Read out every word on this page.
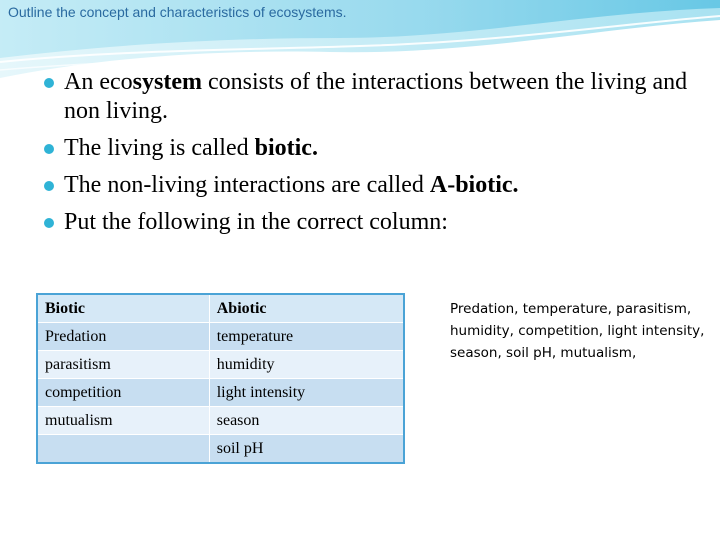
Outline the concept and characteristics of ecosystems.
An ecosystem consists of the interactions between the living and non living.
The living is called biotic.
The non-living interactions are called A-biotic.
Put the following in the correct column:
Biotic	Abiotic
Predation	temperature
parasitism	humidity
competition	light intensity
mutualism	season
	soil pH
Predation, temperature, parasitism, humidity, competition, light intensity, season, soil pH, mutualism,
